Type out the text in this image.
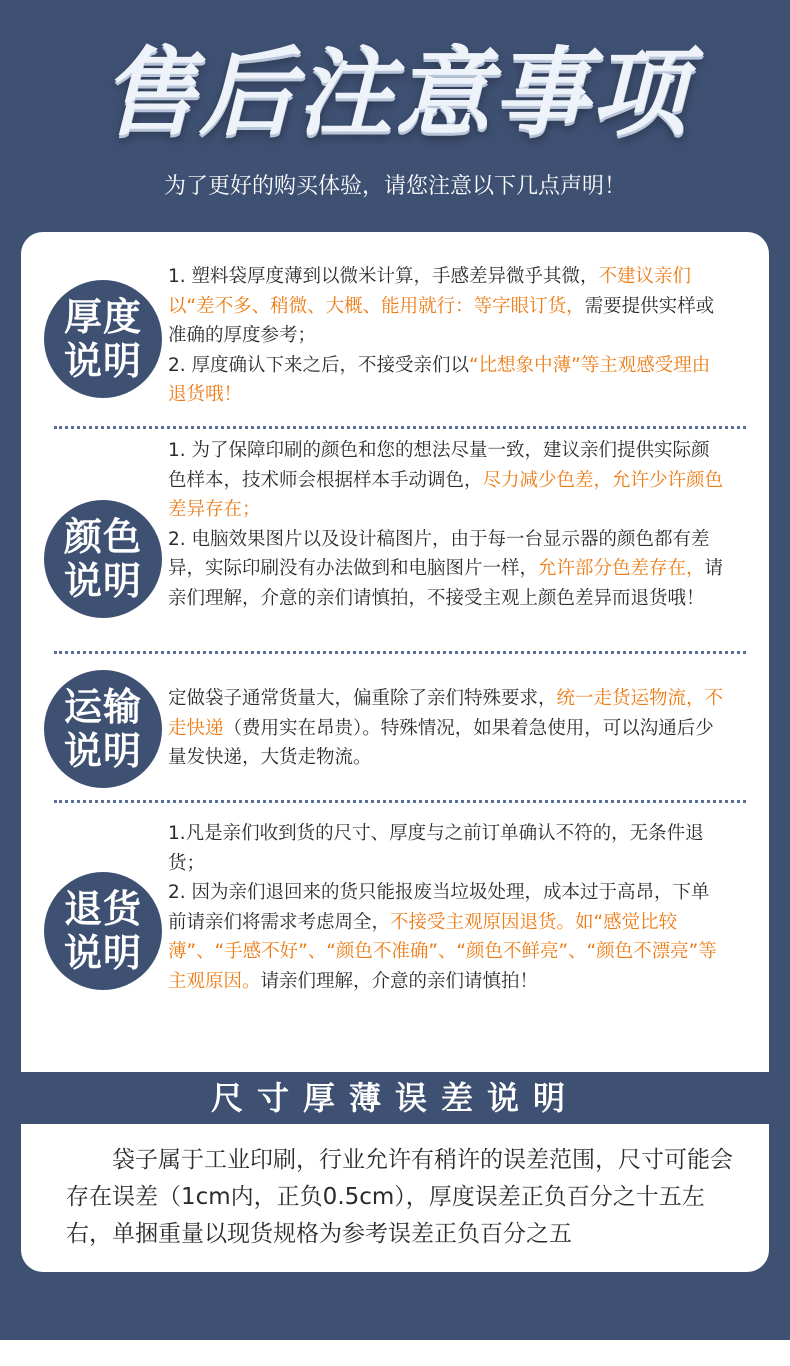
售后注意事项
为了更好的购买体验，请您注意以下几点声明！
厚度
说明
1. 塑料袋厚度薄到以微米计算，手感差异微乎其微，不建议亲们以“差不多、稍微、大概、能用就行：等字眼订货，需要提供实样或准确的厚度参考；
2. 厚度确认下来之后，不接受亲们以“比想象中薄”等主观感受理由退货哦！
颜色
说明
1. 为了保障印刷的颜色和您的想法尽量一致，建议亲们提供实际颜色样本，技术师会根据样本手动调色，尽力减少色差，允许少许颜色差异存在；
2. 电脑效果图片以及设计稿图片，由于每一台显示器的颜色都有差异，实际印刷没有办法做到和电脑图片一样，允许部分色差存在，请亲们理解，介意的亲们请慎拍，不接受主观上颜色差异而退货哦！
运输
说明
定做袋子通常货量大，偏重除了亲们特殊要求，统一走货运物流，不走快递（费用实在昂贵）。特殊情况，如果着急使用，可以沟通后少量发快递，大货走物流。
退货
说明
1.凡是亲们收到货的尺寸、厚度与之前订单确认不符的，无条件退货；
2. 因为亲们退回来的货只能报废当垃圾处理，成本过于高昂，下单前请亲们将需求考虑周全，不接受主观原因退货。如“感觉比较薄”、“手感不好”、“颜色不准确”、“颜色不鲜亮”、“颜色不漂亮”等主观原因。请亲们理解，介意的亲们请慎拍！
尺寸厚薄误差说明
袋子属于工业印刷，行业允许有稍许的误差范围，尺寸可能会存在误差（1cm内，正负0.5cm），厚度误差正负百分之十五左右，单捆重量以现货规格为参考误差正负百分之五
